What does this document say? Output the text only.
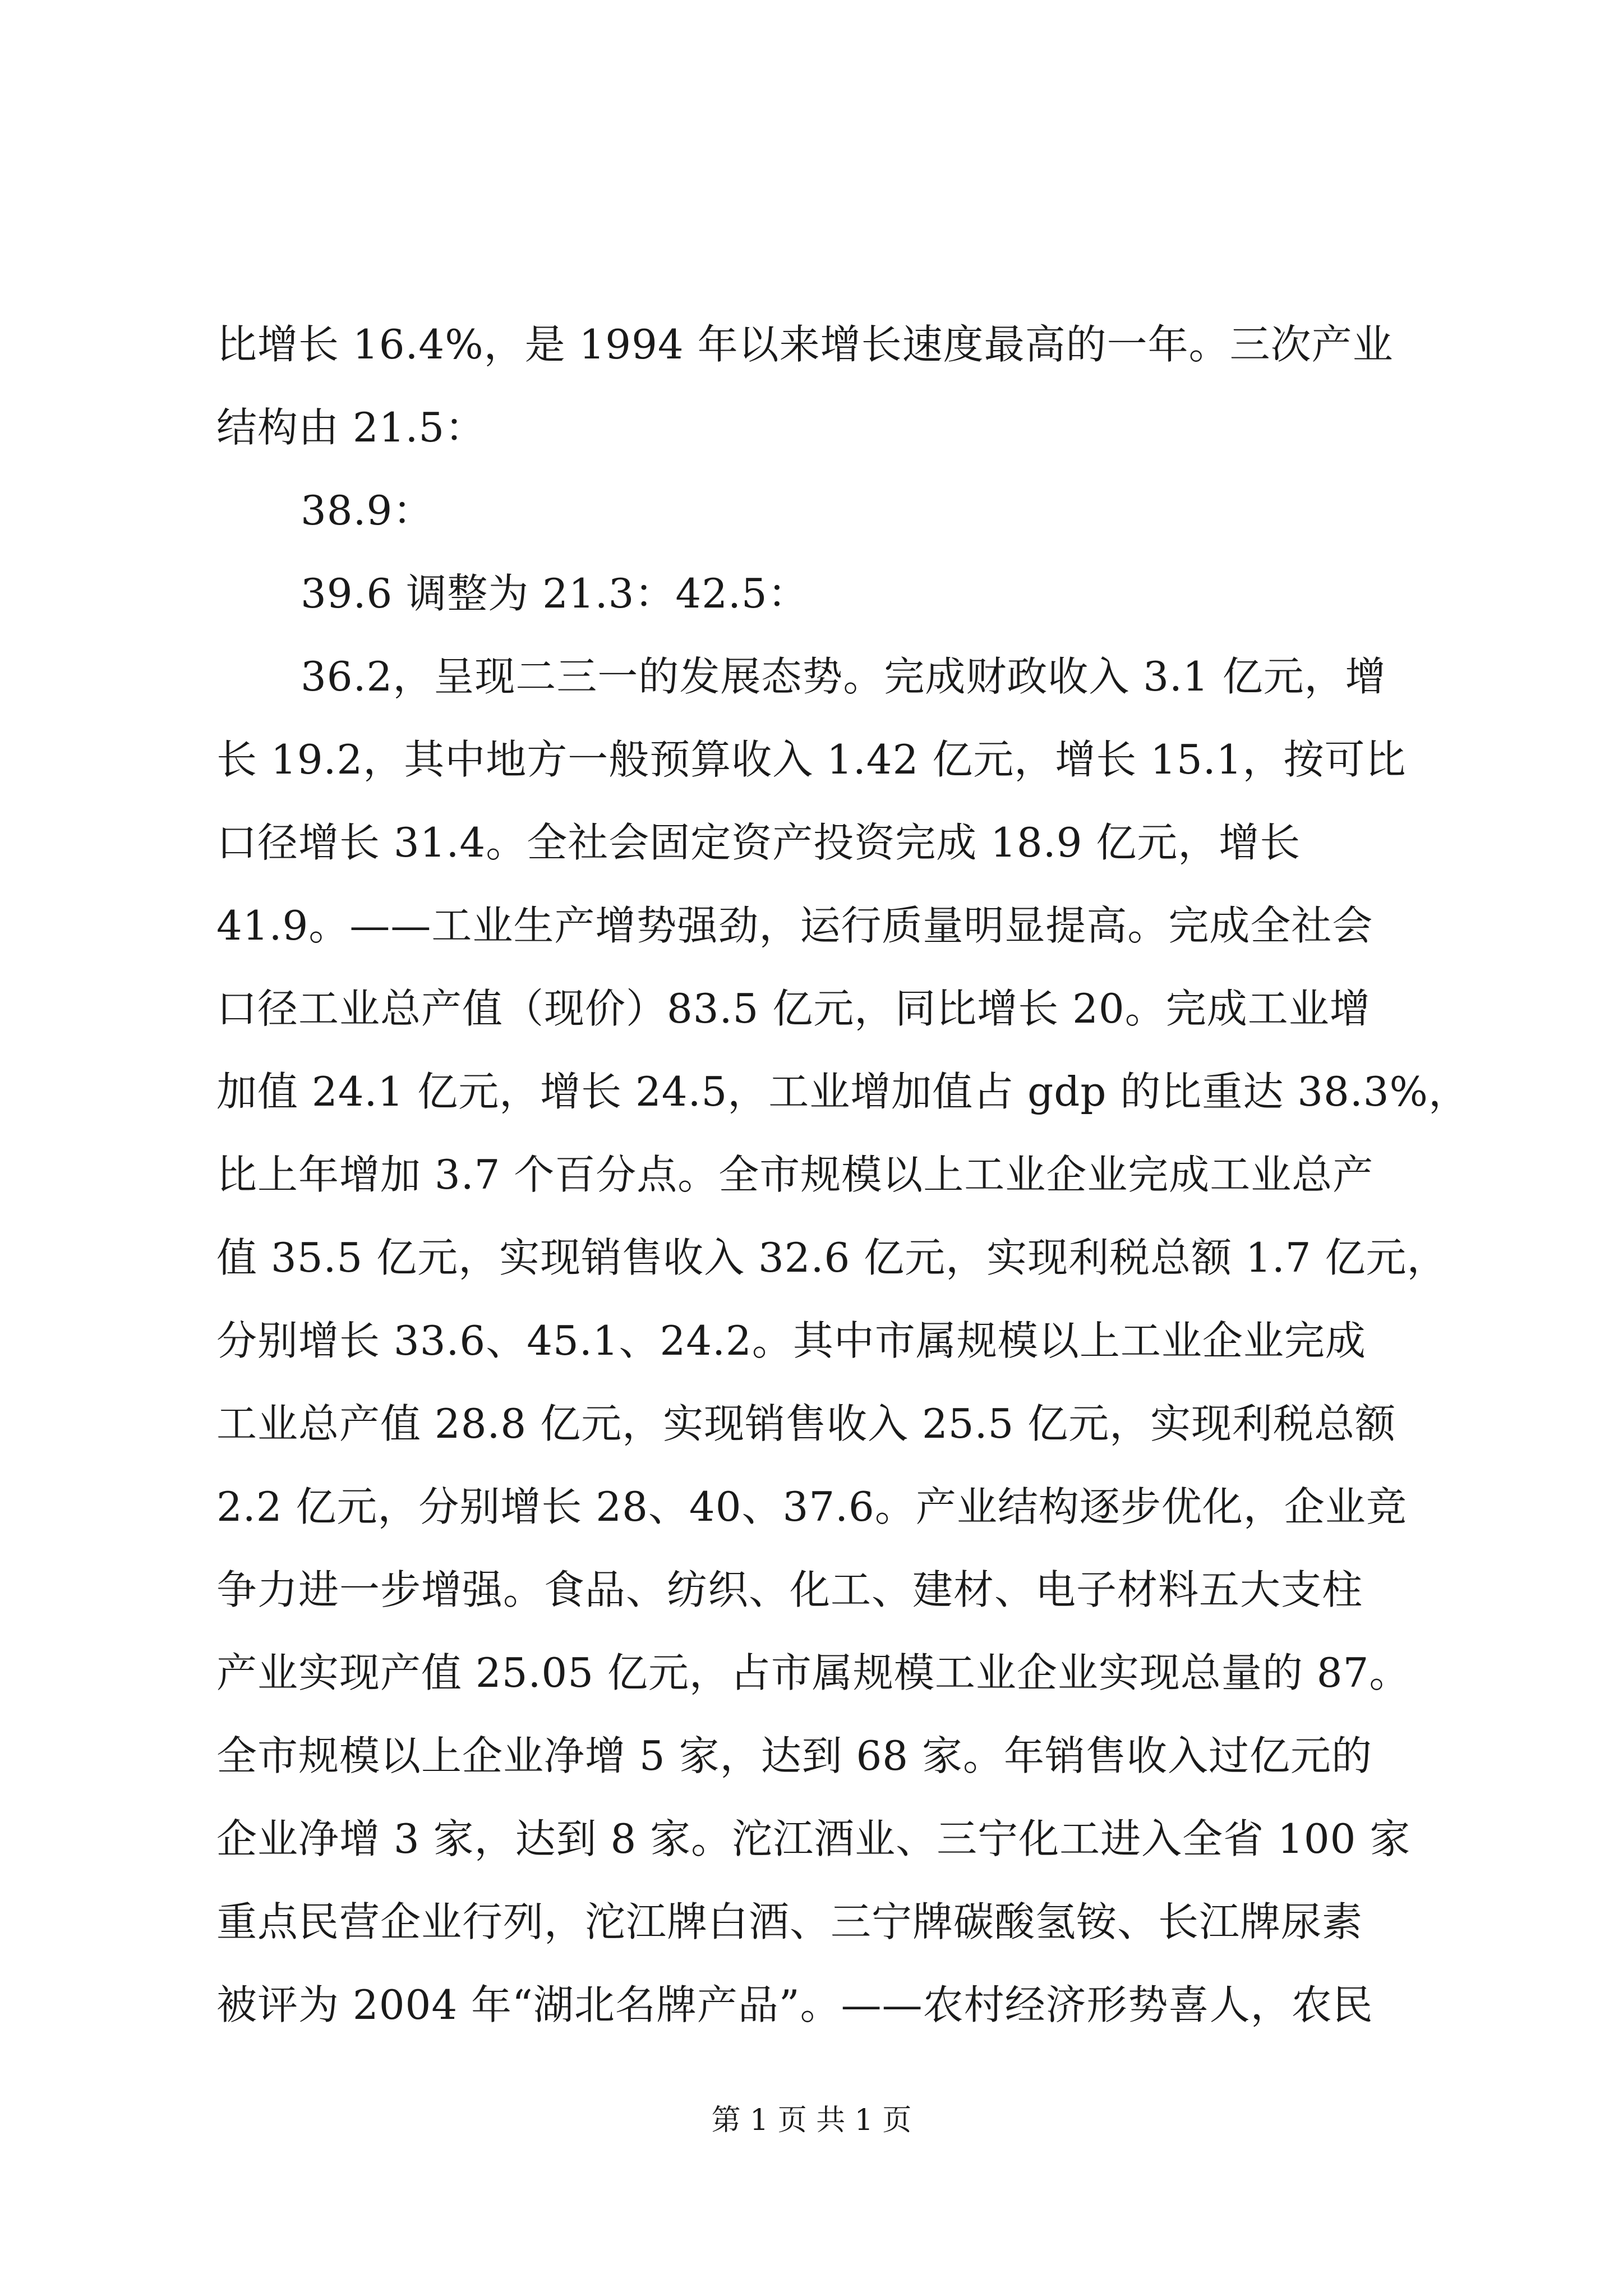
比增长 16.4%，是 1994 年以来增长速度最高的一年。三次产业
结构由 21.5：
38.9：
39.6 调整为 21.3：42.5：
36.2，呈现二三一的发展态势。完成财政收入 3.1 亿元，增
长 19.2，其中地方一般预算收入 1.42 亿元，增长 15.1，按可比
口径增长 31.4。全社会固定资产投资完成 18.9 亿元，增长
41.9。——工业生产增势强劲，运行质量明显提高。完成全社会
口径工业总产值（现价）83.5 亿元，同比增长 20。完成工业增
加值 24.1 亿元，增长 24.5，工业增加值占 gdp 的比重达 38.3%，
比上年增加 3.7 个百分点。全市规模以上工业企业完成工业总产
值 35.5 亿元，实现销售收入 32.6 亿元，实现利税总额 1.7 亿元，
分别增长 33.6、45.1、24.2。其中市属规模以上工业企业完成
工业总产值 28.8 亿元，实现销售收入 25.5 亿元，实现利税总额
2.2 亿元，分别增长 28、40、37.6。产业结构逐步优化，企业竞
争力进一步增强。食品、纺织、化工、建材、电子材料五大支柱
产业实现产值 25.05 亿元，占市属规模工业企业实现总量的 87。
全市规模以上企业净增 5 家，达到 68 家。年销售收入过亿元的
企业净增 3 家，达到 8 家。沱江酒业、三宁化工进入全省 100 家
重点民营企业行列，沱江牌白酒、三宁牌碳酸氢铵、长江牌尿素
被评为 2004 年“湖北名牌产品”。——农村经济形势喜人，农民
第 1 页 共 1 页
